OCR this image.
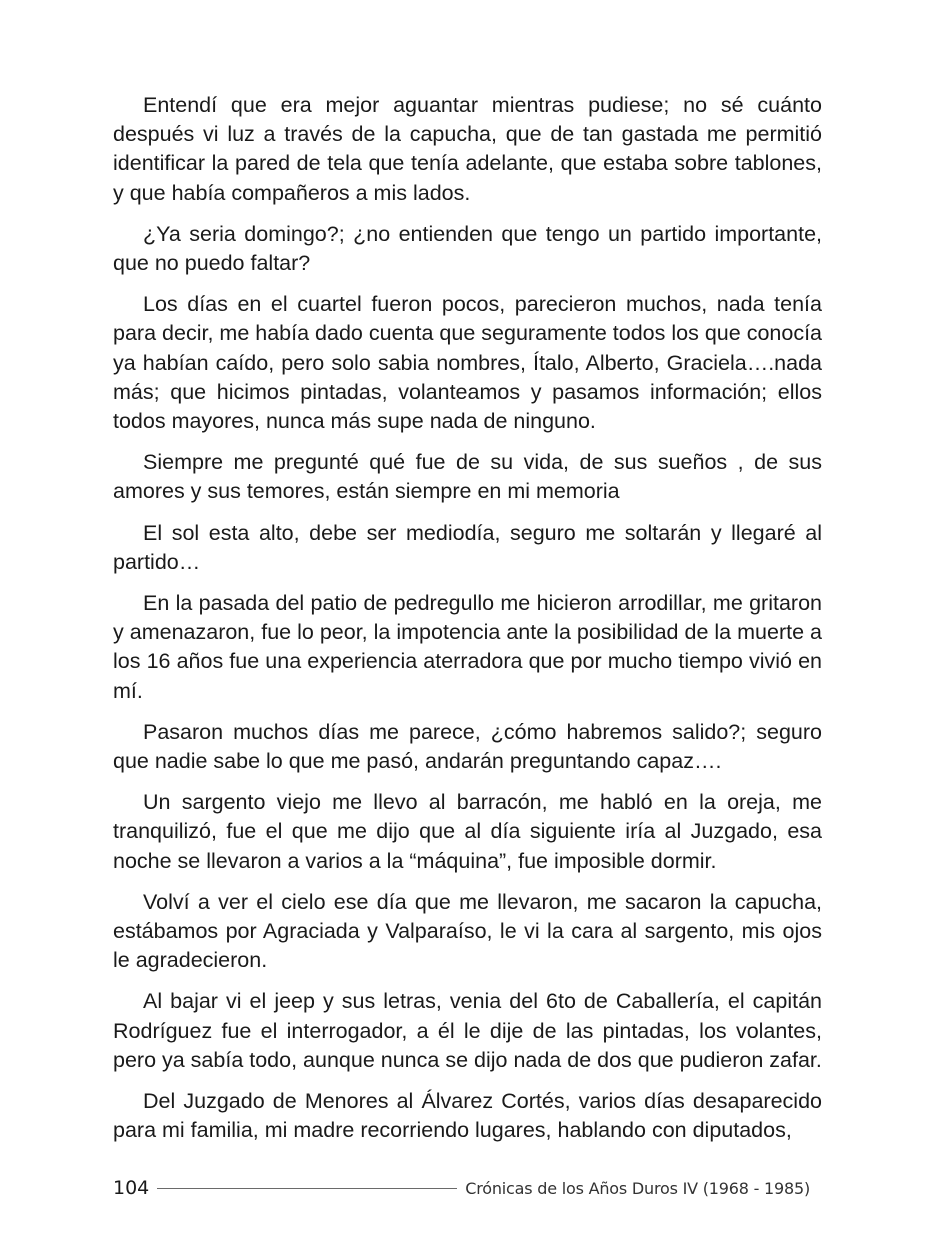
Entendí que era mejor aguantar mientras pudiese; no sé cuánto después vi luz a través de la capucha, que de tan gastada me permitió identificar la pared de tela que tenía adelante, que estaba sobre tablones, y que había compañeros a mis lados.

¿Ya seria domingo?; ¿no entienden que tengo un partido importante, que no puedo faltar?

Los días en el cuartel fueron pocos, parecieron muchos, nada tenía para decir, me había dado cuenta que seguramente todos los que conocía ya habían caído, pero solo sabia nombres, Ítalo, Alberto, Graciela….nada más; que hicimos pintadas, volanteamos y pasamos información; ellos todos mayores, nunca más supe nada de ninguno.

Siempre me pregunté qué fue de su vida, de sus sueños , de sus amores y sus temores, están siempre en mi memoria

El sol esta alto, debe ser mediodía, seguro me soltarán y llegaré al partido…

En la pasada del patio de pedregullo me hicieron arrodillar, me gritaron y amenazaron, fue lo peor, la impotencia ante la posibilidad de la muerte a los 16 años fue una experiencia aterradora que por mucho tiempo vivió en mí.

Pasaron muchos días me parece, ¿cómo habremos salido?; seguro que nadie sabe lo que me pasó, andarán preguntando capaz….

Un sargento viejo me llevo al barracón, me habló en la oreja, me tranquilizó, fue el que me dijo que al día siguiente iría al Juzgado, esa noche se llevaron a varios a la “máquina”, fue imposible dormir.

Volví a ver el cielo ese día que me llevaron, me sacaron la capucha, estábamos por Agraciada y Valparaíso, le vi la cara al sargento, mis ojos le agradecieron.

Al bajar vi el jeep y sus letras, venia del 6to de Caballería, el capitán Rodríguez fue el interrogador, a él le dije de las pintadas, los volantes, pero ya sabía todo, aunque nunca se dijo nada de dos que pudieron zafar.

Del Juzgado de Menores al Álvarez Cortés, varios días desaparecido para mi familia, mi madre recorriendo lugares, hablando con diputados,

104	Crónicas de los Años Duros IV (1968 - 1985)
